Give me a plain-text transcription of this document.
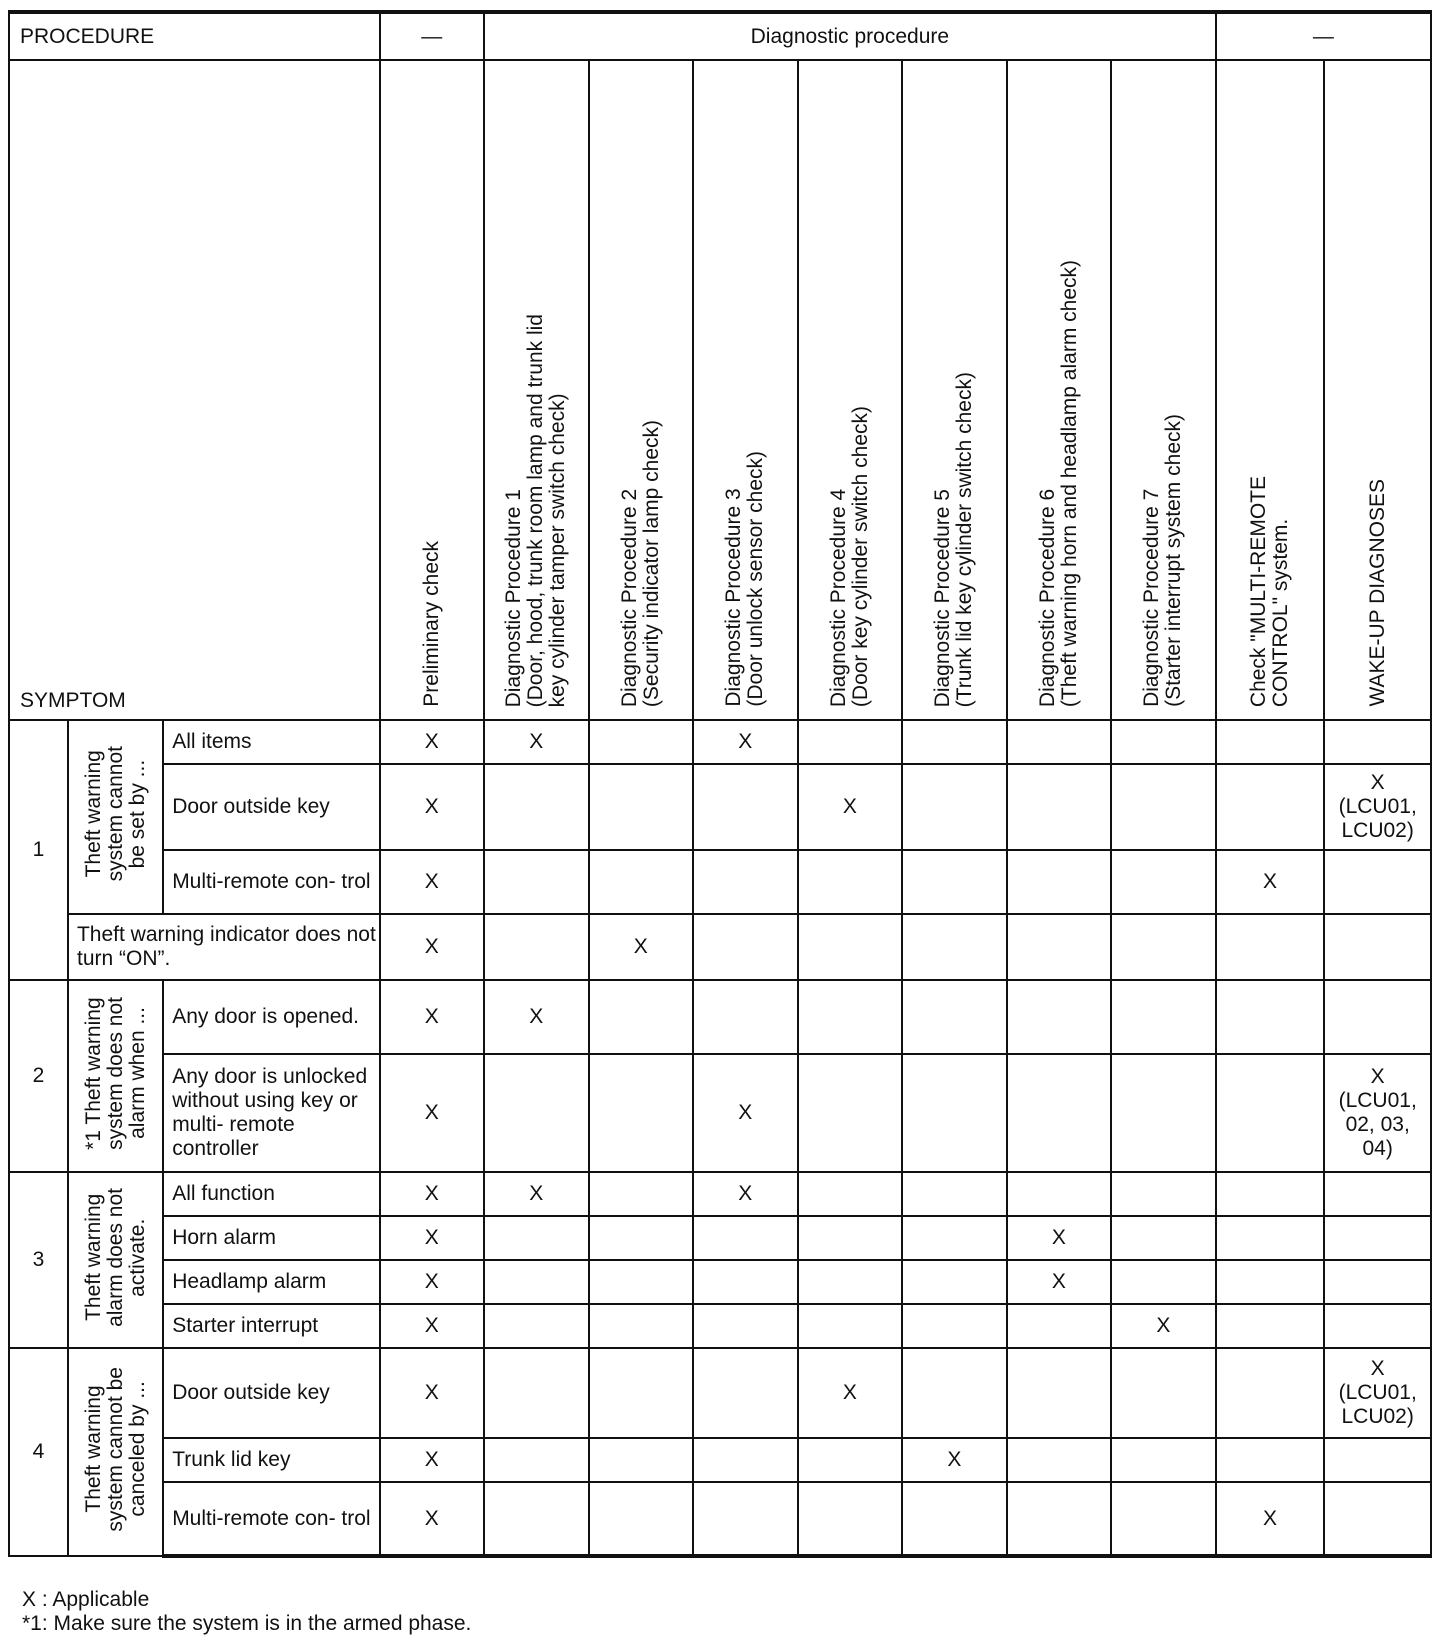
PROCEDURE			—	Diagnostic procedure							—	
SYMPTOM			Preliminary check	Diagnostic Procedure 1
(Door, hood, trunk room lamp and trunk lid
key cylinder tamper switch check)	Diagnostic Procedure 2
(Security indicator lamp check)	Diagnostic Procedure 3
(Door unlock sensor check)	Diagnostic Procedure 4
(Door key cylinder switch check)	Diagnostic Procedure 5
(Trunk lid key cylinder switch check)	Diagnostic Procedure 6
(Theft warning horn and headlamp alarm check)	Diagnostic Procedure 7
(Starter interrupt system check)	Check "MULTI-REMOTE
CONTROL" system.	WAKE-UP DIAGNOSES

1	Theft warning
system cannot
be set by ...	All items	X	X		X						
		Door outside key	X				X					X
(LCU01,
LCU02)
		Multi-remote con- trol	X								X	
	Theft warning indicator does not turn “ON”.		X		X							
2	*1 Theft warning
system does not
alarm when ...	Any door is opened.	X	X								
		Any door is unlocked without using key or multi- remote controller	X			X						X
(LCU01,
02, 03,
04)
3	Theft warning
alarm does not
activate.	All function	X	X		X						
		Horn alarm	X						X			
		Headlamp alarm	X						X			
		Starter interrupt	X							X		
4	Theft warning
system cannot be
canceled by ...	Door outside key	X				X					X
(LCU01,
LCU02)
		Trunk lid key	X					X				
		Multi-remote con- trol	X								X	
X : Applicable
*1: Make sure the system is in the armed phase.
